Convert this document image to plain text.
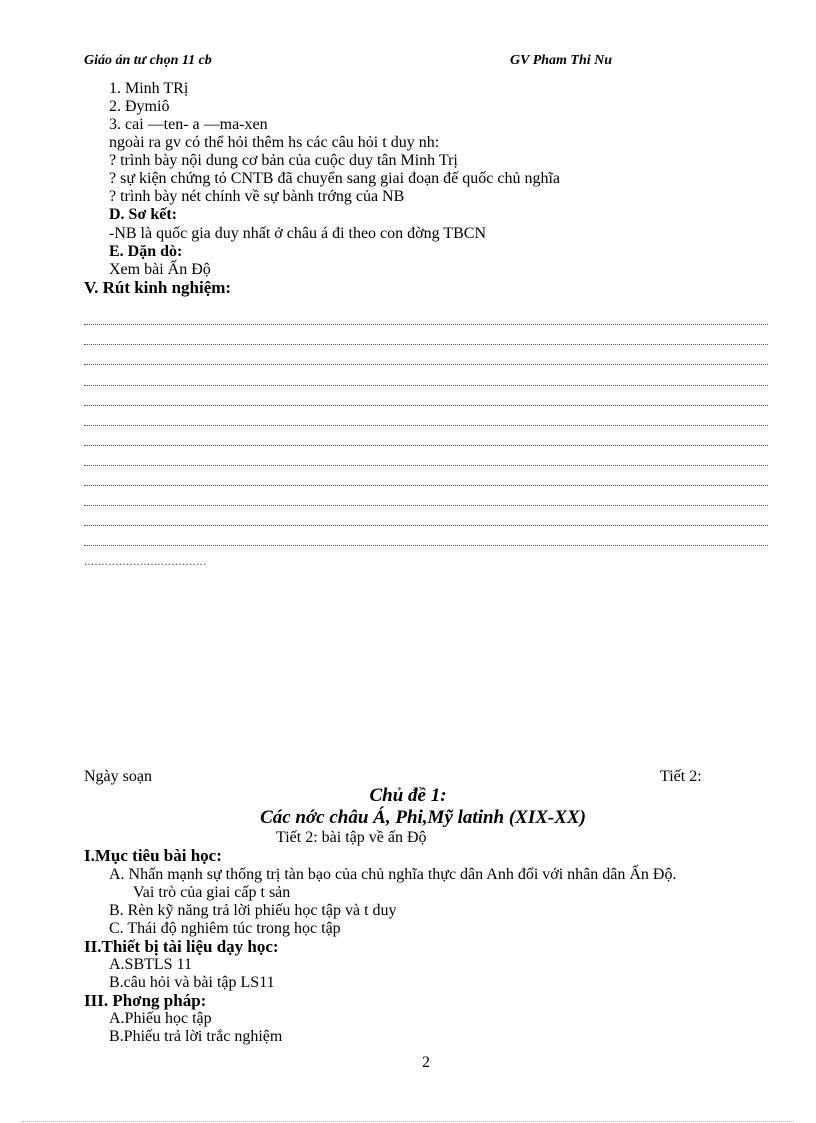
Giáo án tư chọn 11 cb	GV Pham Thi Nu
1. Minh TRị
2. Đymiô
3. cai —ten- a —ma-xen
ngoài ra gv có thể hỏi thêm hs các câu hỏi t duy nh:
? trình bày nội dung cơ bản của cuộc duy tân Minh Trị
? sự kiện chứng tỏ CNTB đã chuyển sang giai đoạn đế quốc chủ nghĩa
? trình bày nét chính về sự bành trớng của NB
D. Sơ kết:
-NB là quốc gia duy nhất ở châu á đi theo con đờng TBCN
E. Dặn dò:
Xem bài Ấn Độ
V. Rút kinh nghiệm:
...................................
Ngày soạn	Tiết 2:
Chủ đề 1:
Các nớc châu Á, Phi,Mỹ latinh (XIX-XX)
Tiết 2: bài tập về ấn Độ
I.Mục tiêu bài học:
A. Nhấn mạnh sự thống trị tàn bạo của chủ nghĩa thực dân Anh đối với nhân dân Ấn Độ.
Vai trò của giai cấp t sản
B. Rèn kỹ năng trả lời phiếu học tập và t duy
C. Thái độ nghiêm túc trong học tập
II.Thiết bị tài liệu dạy học:
A.SBTLS 11
B.câu hỏi và bài tập LS11
III. Phơng pháp:
A.Phiếu học tập
B.Phiếu trả lời trắc nghiệm
2
